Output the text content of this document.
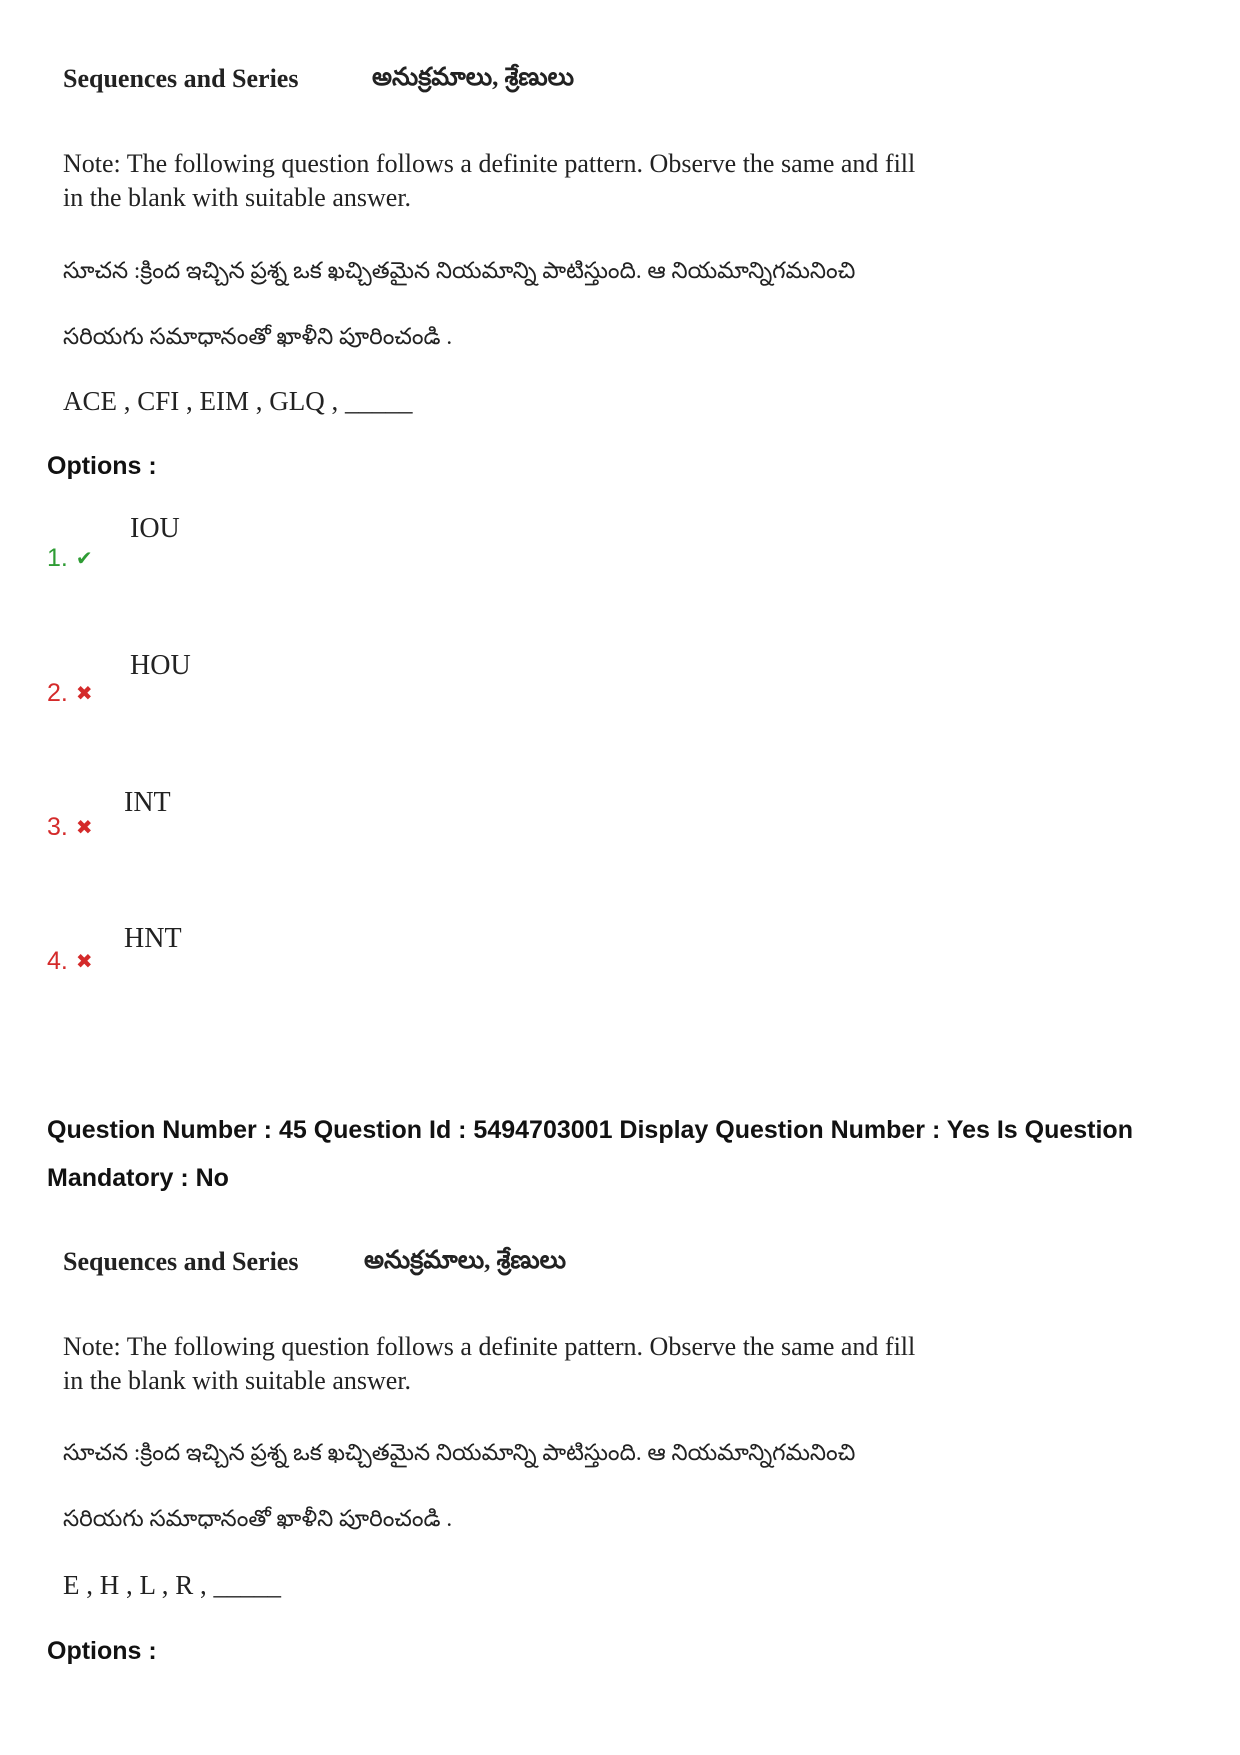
Sequences and Series	అనుక్రమాలు, శ్రేణులు
Note: The following question follows a definite pattern. Observe the same and fill
in the blank with suitable answer.
సూచన :క్రింద ఇచ్చిన ప్రశ్న ఒక ఖచ్చితమైన నియమాన్ని పాటిస్తుంది. ఆ నియమాన్నిగమనించి
సరియగు సమాధానంతో ఖాళీని పూరించండి .
ACE , CFI , EIM , GLQ , _____
Options :
1. ✔
IOU
2. ✖
HOU
3. ✖
INT
4. ✖
HNT
Question Number : 45 Question Id : 5494703001 Display Question Number : Yes Is Question
Mandatory : No
Sequences and Series	అనుక్రమాలు, శ్రేణులు
Note: The following question follows a definite pattern. Observe the same and fill
in the blank with suitable answer.
సూచన :క్రింద ఇచ్చిన ప్రశ్న ఒక ఖచ్చితమైన నియమాన్ని పాటిస్తుంది. ఆ నియమాన్నిగమనించి
సరియగు సమాధానంతో ఖాళీని పూరించండి .
E , H , L , R , _____
Options :
